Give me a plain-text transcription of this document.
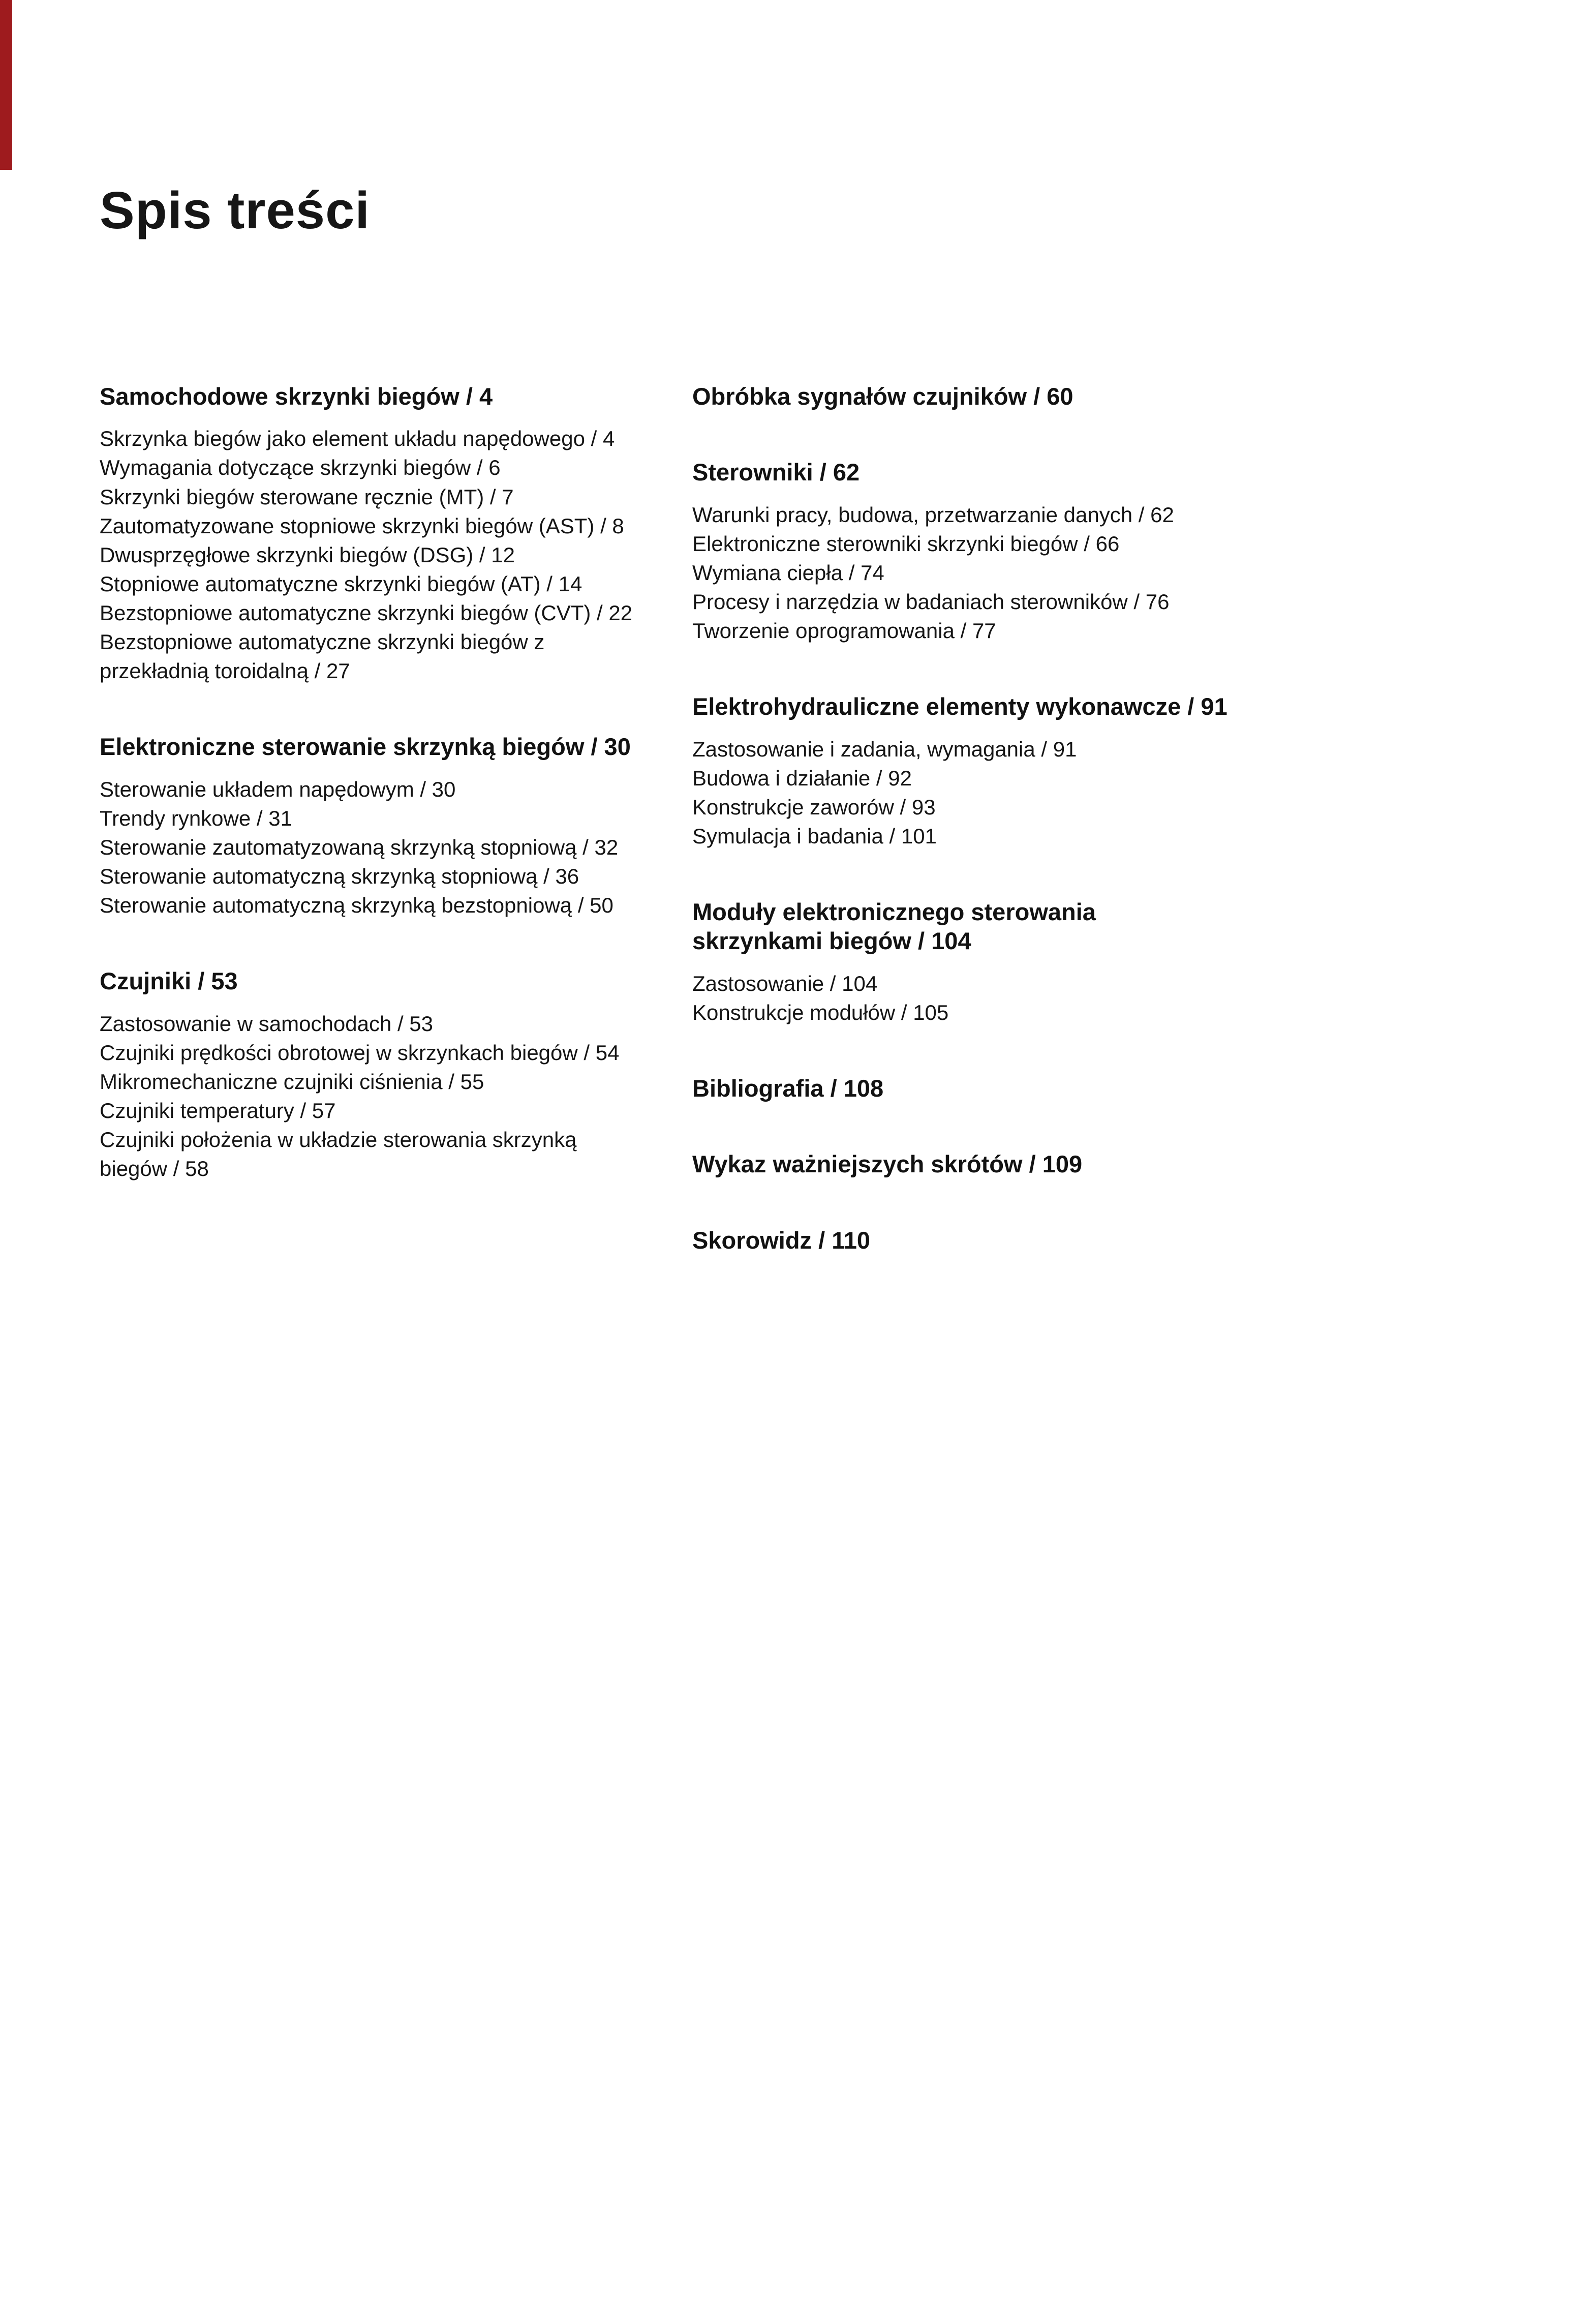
Spis treści
Samochodowe skrzynki biegów / 4
Skrzynka biegów jako element układu napędowego / 4
Wymagania dotyczące skrzynki biegów / 6
Skrzynki biegów sterowane ręcznie (MT) / 7
Zautomatyzowane stopniowe skrzynki biegów (AST) / 8
Dwusprzęgłowe skrzynki biegów (DSG) / 12
Stopniowe automatyczne skrzynki biegów (AT) / 14
Bezstopniowe automatyczne skrzynki biegów (CVT) / 22
Bezstopniowe automatyczne skrzynki biegów z przekładnią toroidalną / 27
Elektroniczne sterowanie skrzynką biegów / 30
Sterowanie układem napędowym / 30
Trendy rynkowe / 31
Sterowanie zautomatyzowaną skrzynką stopniową / 32
Sterowanie automatyczną skrzynką stopniową / 36
Sterowanie automatyczną skrzynką bezstopniową / 50
Czujniki / 53
Zastosowanie w samochodach / 53
Czujniki prędkości obrotowej w skrzynkach biegów / 54
Mikromechaniczne czujniki ciśnienia / 55
Czujniki temperatury / 57
Czujniki położenia w układzie sterowania skrzynką biegów / 58
Obróbka sygnałów czujników / 60
Sterowniki / 62
Warunki pracy, budowa, przetwarzanie danych / 62
Elektroniczne sterowniki skrzynki biegów / 66
Wymiana ciepła / 74
Procesy i narzędzia w badaniach sterowników / 76
Tworzenie oprogramowania / 77
Elektrohydrauliczne elementy wykonawcze / 91
Zastosowanie i zadania, wymagania / 91
Budowa i działanie / 92
Konstrukcje zaworów / 93
Symulacja i badania / 101
Moduły elektronicznego sterowania skrzynkami biegów / 104
Zastosowanie / 104
Konstrukcje modułów / 105
Bibliografia / 108
Wykaz ważniejszych skrótów / 109
Skorowidz / 110
